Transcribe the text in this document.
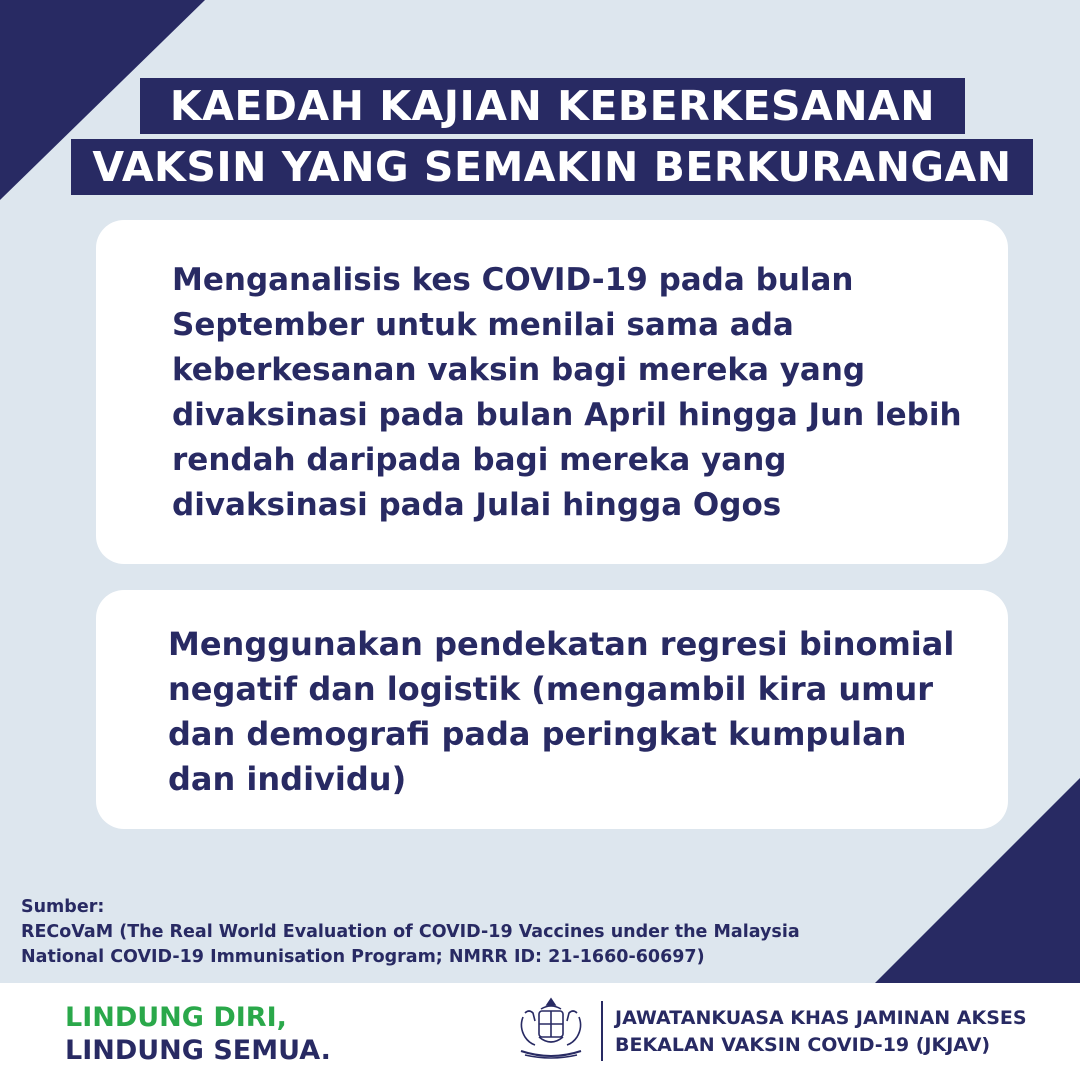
KAEDAH KAJIAN KEBERKESANAN
VAKSIN YANG SEMAKIN BERKURANGAN

Menganalisis kes COVID-19 pada bulan September untuk menilai sama ada keberkesanan vaksin bagi mereka yang divaksinasi pada bulan April hingga Jun lebih rendah daripada bagi mereka yang divaksinasi pada Julai hingga Ogos

Menggunakan pendekatan regresi binomial negatif dan logistik (mengambil kira umur dan demografi pada peringkat kumpulan dan individu)

Sumber:
RECoVaM (The Real World Evaluation of COVID-19 Vaccines under the Malaysia
National COVID-19 Immunisation Program; NMRR ID: 21-1660-60697)
LINDUNG DIRI,
LINDUNG SEMUA.
JAWATANKUASA KHAS JAMINAN AKSES
BEKALAN VAKSIN COVID-19 (JKJAV)
